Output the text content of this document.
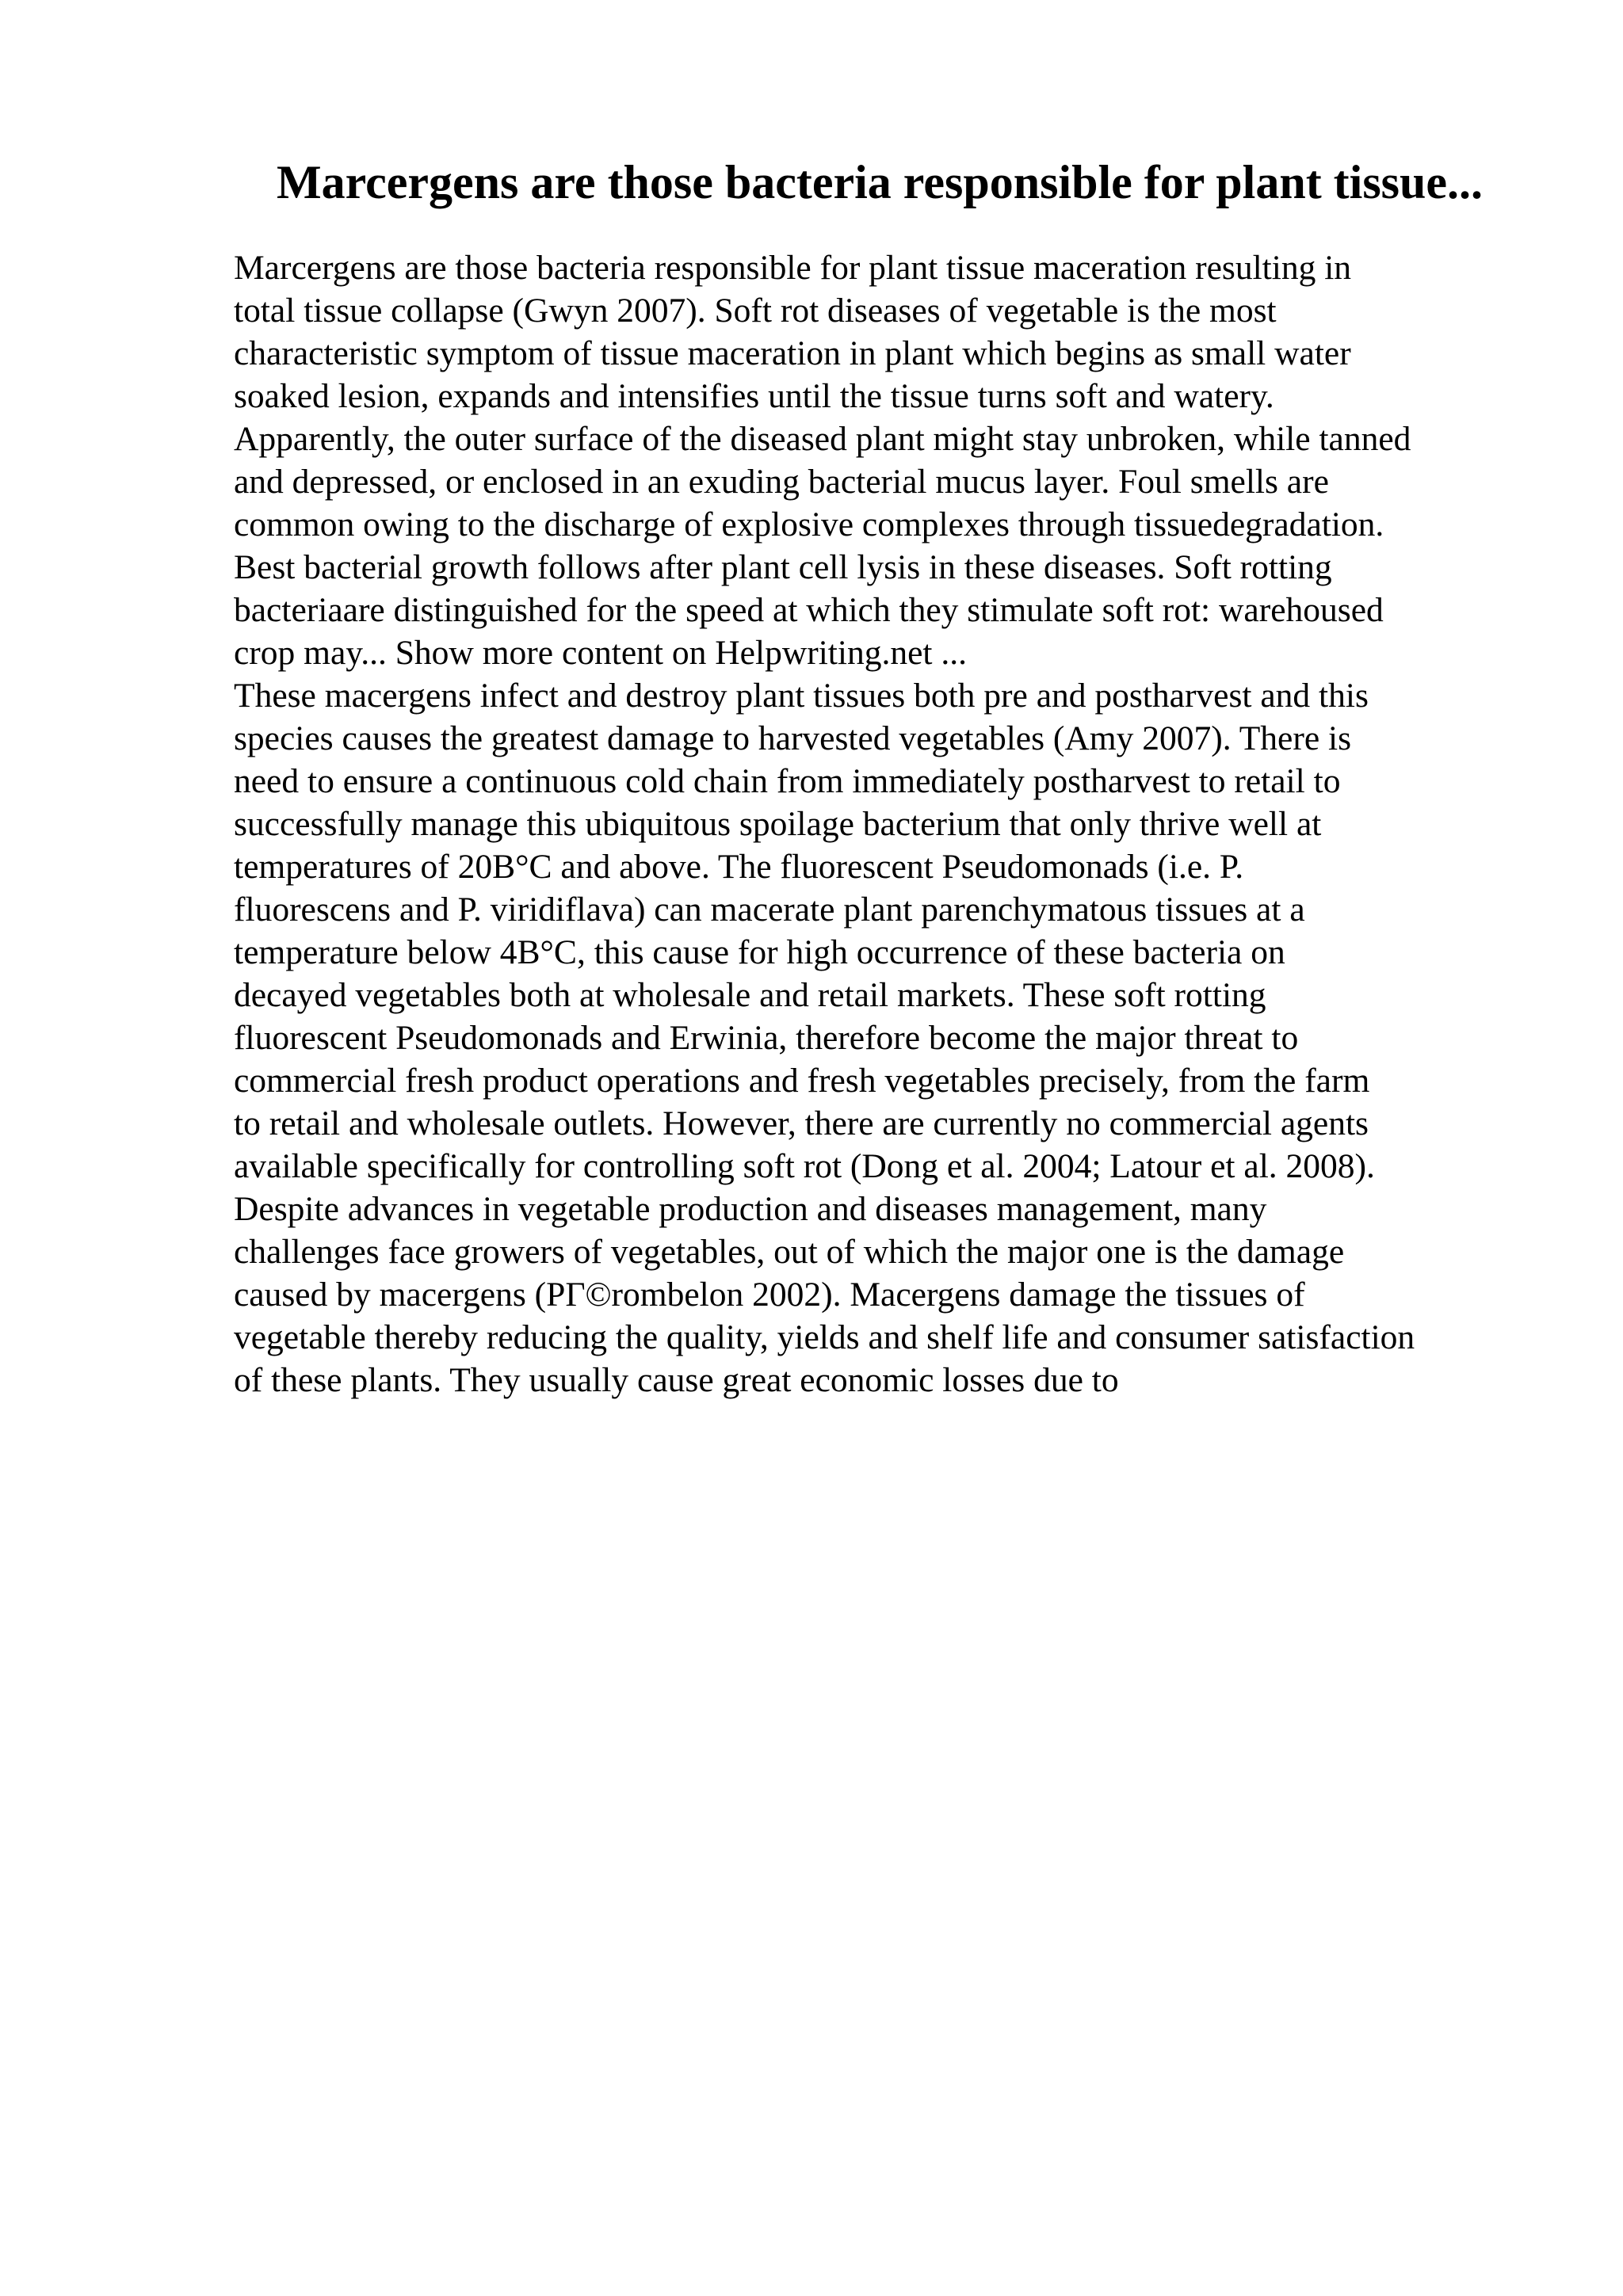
Marcergens are those bacteria responsible for plant tissue...
Marcergens are those bacteria responsible for plant tissue maceration resulting in
total tissue collapse (Gwyn 2007). Soft rot diseases of vegetable is the most
characteristic symptom of tissue maceration in plant which begins as small water
soaked lesion, expands and intensifies until the tissue turns soft and watery.
Apparently, the outer surface of the diseased plant might stay unbroken, while tanned
and depressed, or enclosed in an exuding bacterial mucus layer. Foul smells are
common owing to the discharge of explosive complexes through tissuedegradation.
Best bacterial growth follows after plant cell lysis in these diseases. Soft rotting
bacteriaare distinguished for the speed at which they stimulate soft rot: warehoused
crop may... Show more content on Helpwriting.net ...
These macergens infect and destroy plant tissues both pre and postharvest and this
species causes the greatest damage to harvested vegetables (Amy 2007). There is
need to ensure a continuous cold chain from immediately postharvest to retail to
successfully manage this ubiquitous spoilage bacterium that only thrive well at
temperatures of 20B°C and above. The fluorescent Pseudomonads (i.e. P.
fluorescens and P. viridiflava) can macerate plant parenchymatous tissues at a
temperature below 4B°C, this cause for high occurrence of these bacteria on
decayed vegetables both at wholesale and retail markets. These soft rotting
fluorescent Pseudomonads and Erwinia, therefore become the major threat to
commercial fresh product operations and fresh vegetables precisely, from the farm
to retail and wholesale outlets. However, there are currently no commercial agents
available specifically for controlling soft rot (Dong et al. 2004; Latour et al. 2008).
Despite advances in vegetable production and diseases management, many
challenges face growers of vegetables, out of which the major one is the damage
caused by macergens (PΓ©rombelon 2002). Macergens damage the tissues of
vegetable thereby reducing the quality, yields and shelf life and consumer satisfaction
of these plants. They usually cause great economic losses due to
